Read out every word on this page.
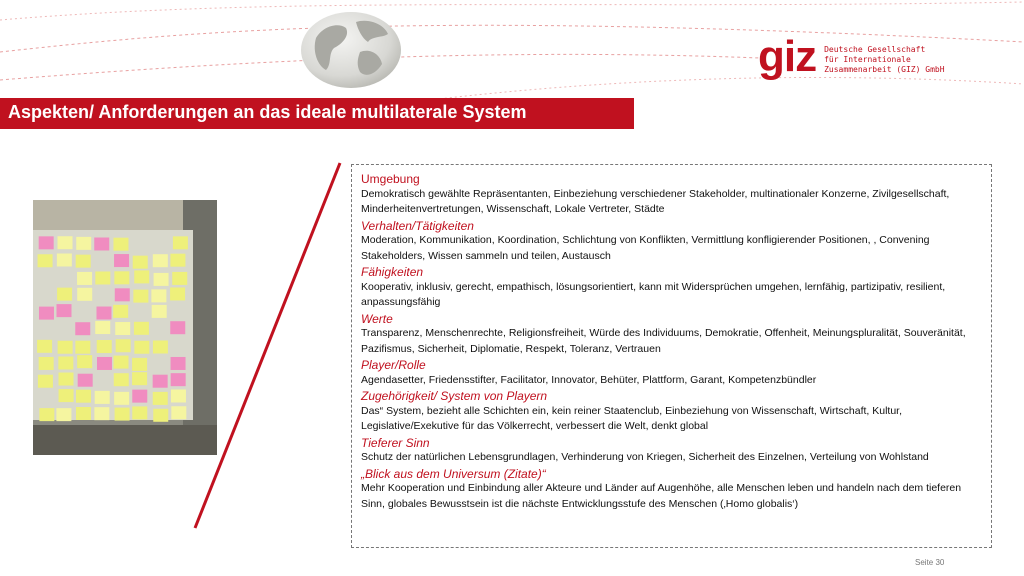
giz Deutsche Gesellschaft
für Internationale
Zusammenarbeit (GIZ) GmbH
Aspekten/ Anforderungen an das ideale multilaterale System
Umgebung
Demokratisch gewählte Repräsentanten, Einbeziehung verschiedener Stakeholder, multinationaler Konzerne, Zivilgesellschaft, Minderheitenvertretungen, Wissenschaft, Lokale Vertreter, Städte
Verhalten/Tätigkeiten
Moderation, Kommunikation, Koordination, Schlichtung von Konflikten, Vermittlung konfligierender Positionen, , Convening Stakeholders, Wissen sammeln und teilen, Austausch
Fähigkeiten
Kooperativ, inklusiv, gerecht, empathisch, lösungsorientiert, kann mit Widersprüchen umgehen, lernfähig, partizipativ, resilient, anpassungsfähig
Werte
Transparenz, Menschenrechte, Religionsfreiheit, Würde des Individuums, Demokratie, Offenheit, Meinungspluralität, Souveränität, Pazifismus, Sicherheit, Diplomatie, Respekt, Toleranz, Vertrauen
Player/Rolle
Agendasetter, Friedensstifter, Facilitator, Innovator, Behüter, Plattform, Garant, Kompetenzbündler
Zugehörigkeit/ System von Playern
Das“ System, bezieht alle Schichten ein, kein reiner Staatenclub, Einbeziehung von Wissenschaft, Wirtschaft, Kultur, Legislative/Exekutive für das Völkerrecht, verbessert die Welt, denkt global
Tieferer Sinn
Schutz der natürlichen Lebensgrundlagen, Verhinderung von Kriegen, Sicherheit des Einzelnen, Verteilung von Wohlstand
„Blick aus dem Universum (Zitate)“
Mehr Kooperation und Einbindung aller Akteure und Länder auf Augenhöhe, alle Menschen leben und handeln nach dem tieferen Sinn, globales Bewusstsein ist die nächste Entwicklungsstufe des Menschen (‚Homo globalis‘)
Seite 30
